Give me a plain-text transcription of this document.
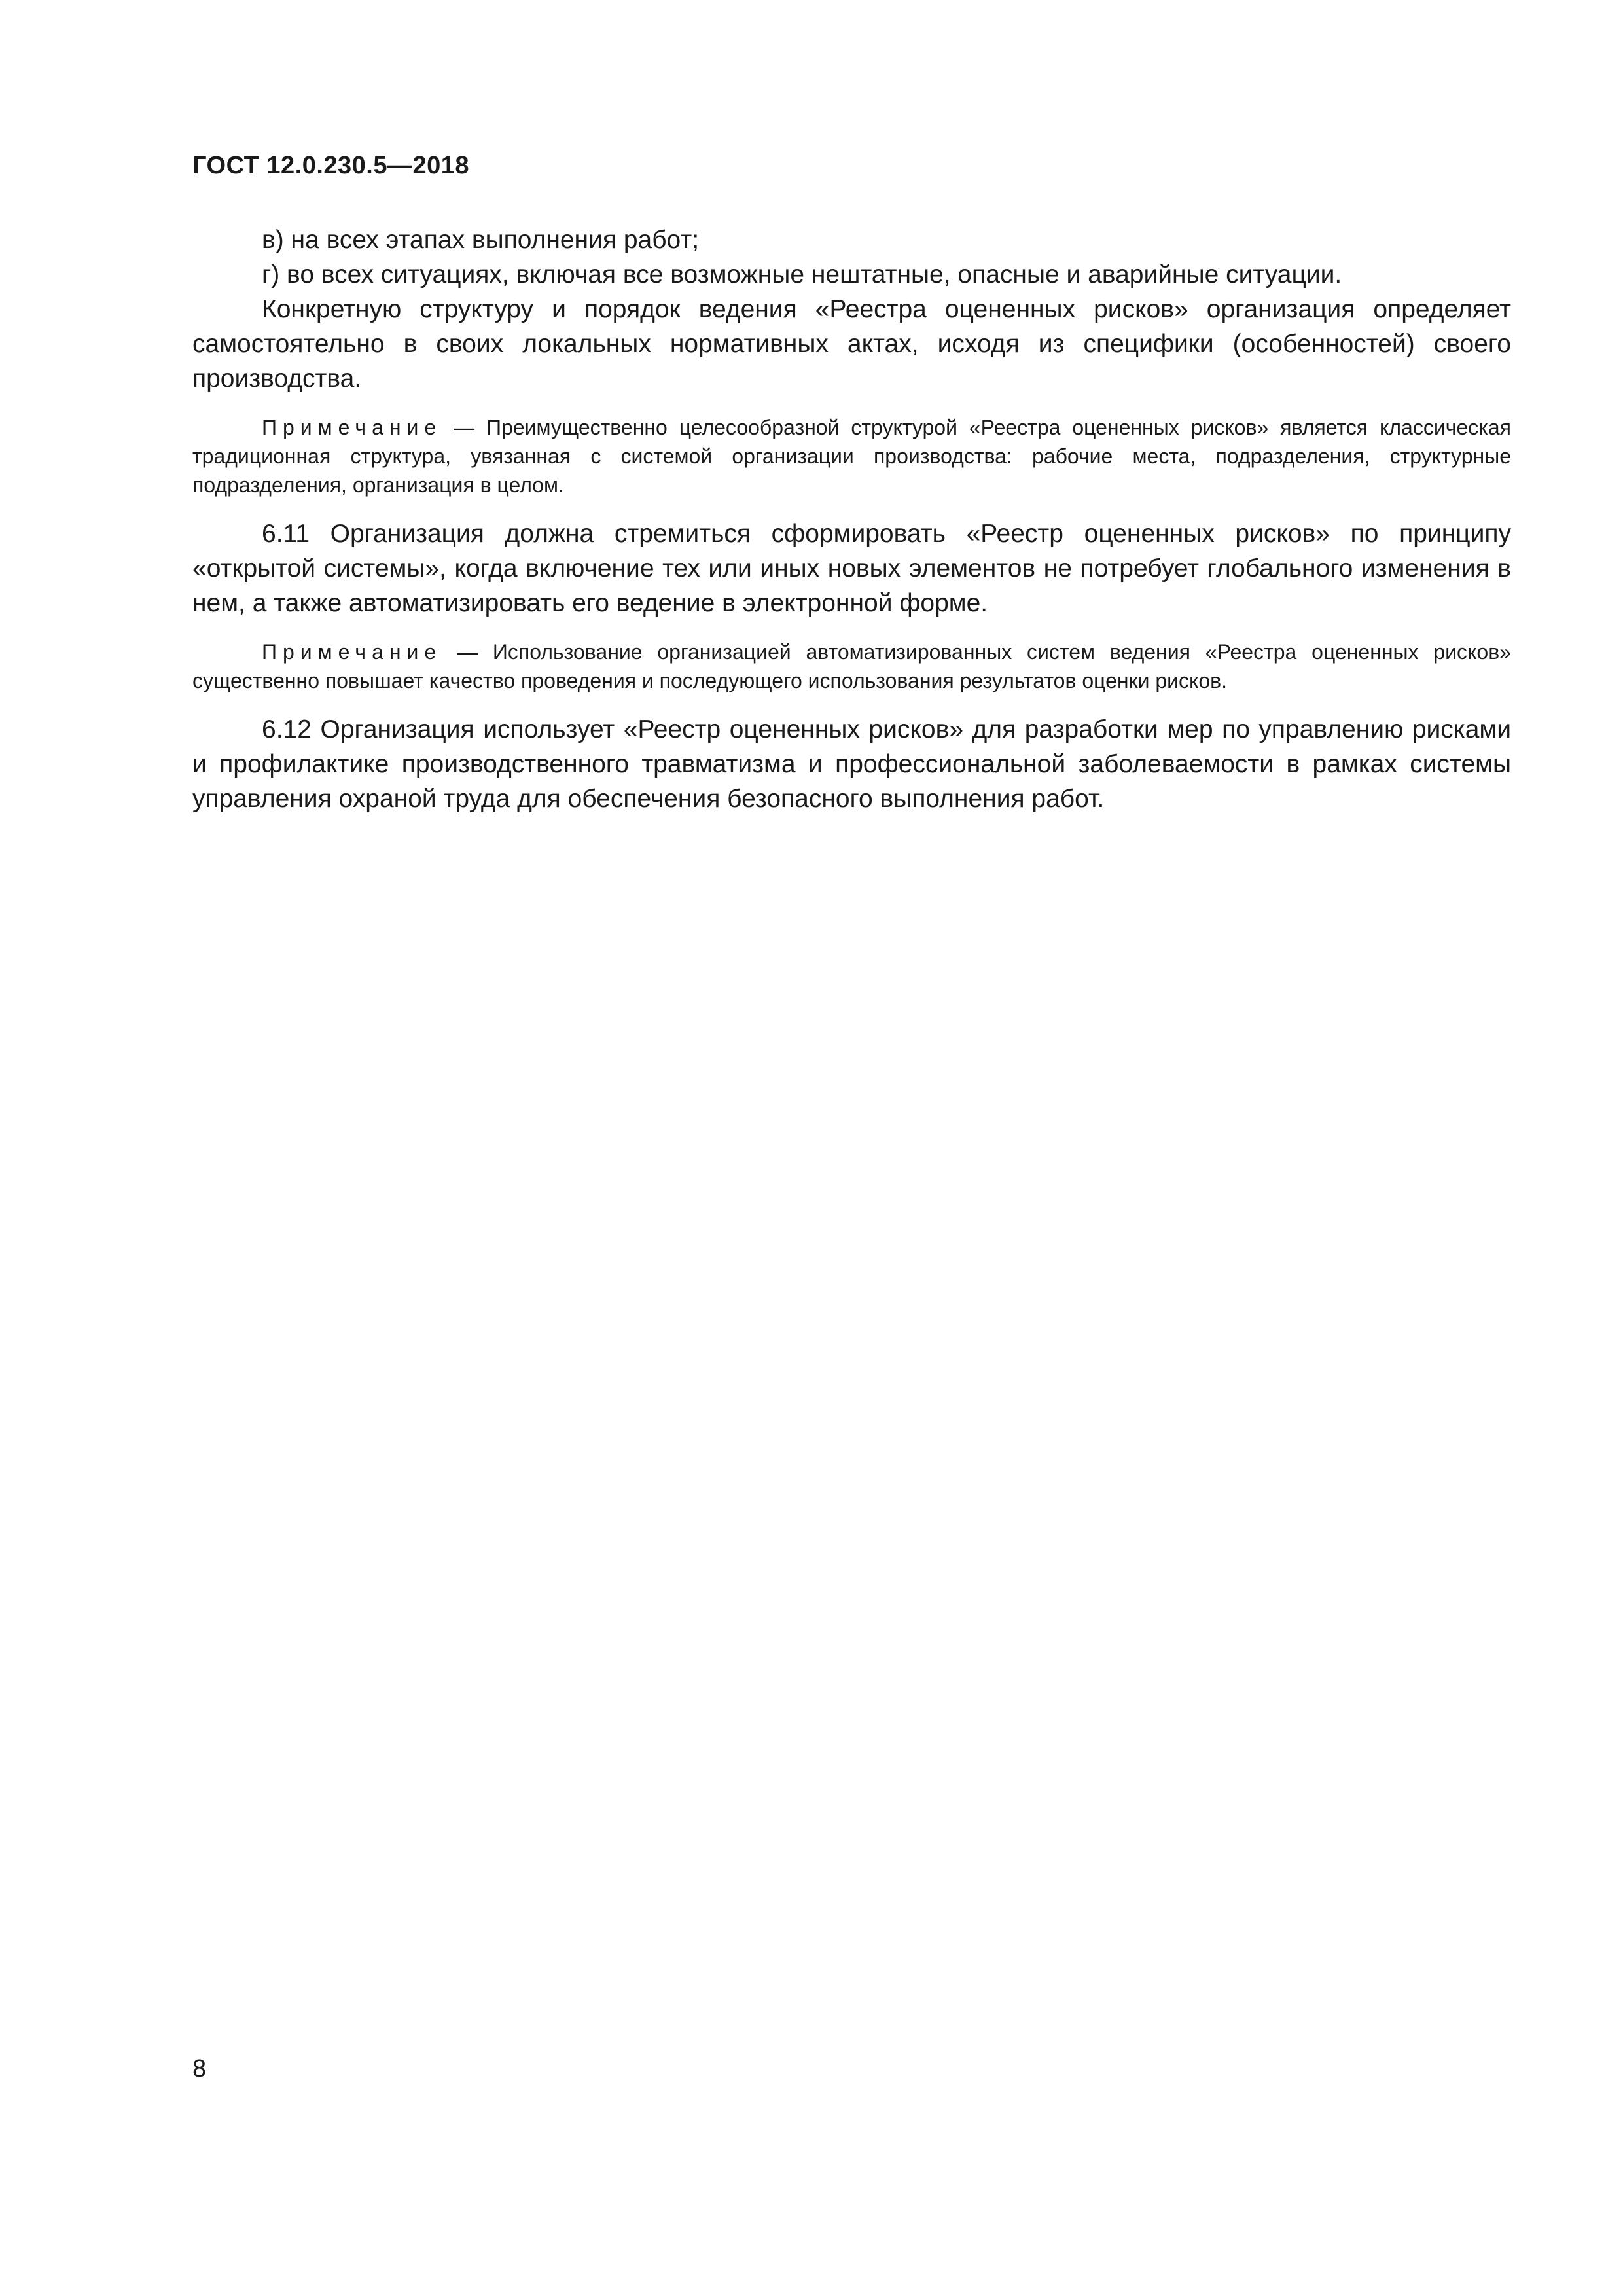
ГОСТ 12.0.230.5—2018

в) на всех этапах выполнения работ;

г) во всех ситуациях, включая все возможные нештатные, опасные и аварийные ситуации.

Конкретную структуру и порядок ведения «Реестра оцененных рисков» организация определяет самостоятельно в своих локальных нормативных актах, исходя из специфики (особенностей) своего производства.

Примечание — Преимущественно целесообразной структурой «Реестра оцененных рисков» является классическая традиционная структура, увязанная с системой организации производства: рабочие места, подразделения, структурные подразделения, организация в целом.

6.11 Организация должна стремиться сформировать «Реестр оцененных рисков» по принципу «открытой системы», когда включение тех или иных новых элементов не потребует глобального изменения в нем, а также автоматизировать его ведение в электронной форме.

Примечание — Использование организацией автоматизированных систем ведения «Реестра оцененных рисков» существенно повышает качество проведения и последующего использования результатов оценки рисков.

6.12 Организация использует «Реестр оцененных рисков» для разработки мер по управлению рисками и профилактике производственного травматизма и профессиональной заболеваемости в рамках системы управления охраной труда для обеспечения безопасного выполнения работ.

8
